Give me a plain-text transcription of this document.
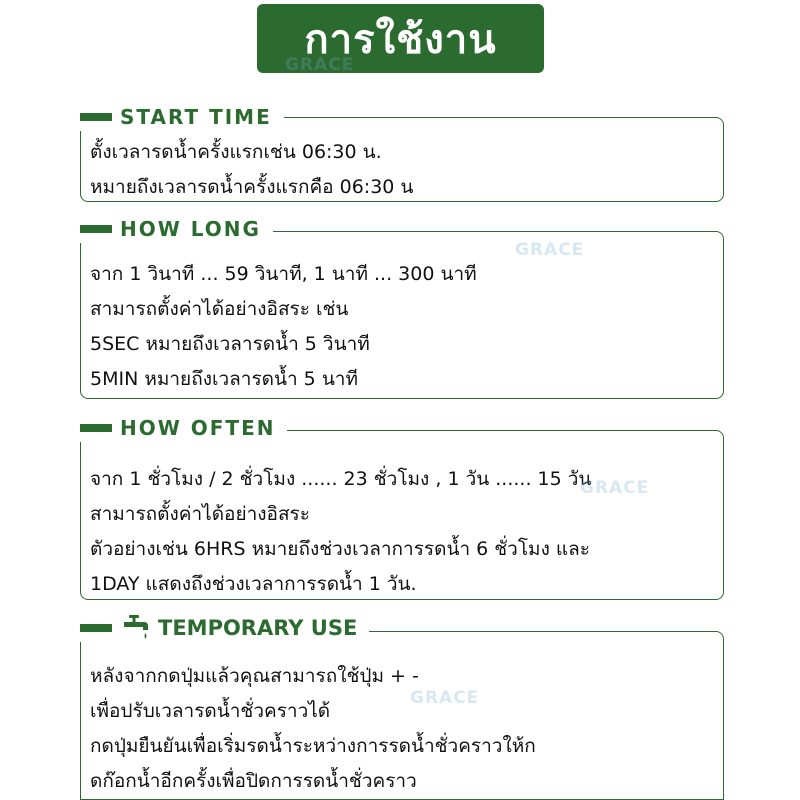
การใช้งาน
START TIME
ตั้งเวลารดน้ำครั้งแรกเช่น 06:30 น.
หมายถึงเวลารดน้ำครั้งแรกคือ 06:30 น
HOW LONG
จาก 1 วินาที ... 59 วินาที, 1 นาที ... 300 นาที
สามารถตั้งค่าได้อย่างอิสระ เช่น
5SEC หมายถึงเวลารดน้ำ 5 วินาที
5MIN หมายถึงเวลารดน้ำ 5 นาที
HOW OFTEN
จาก 1 ชั่วโมง / 2 ชั่วโมง ...... 23 ชั่วโมง , 1 วัน ...... 15 วัน
สามารถตั้งค่าได้อย่างอิสระ
ตัวอย่างเช่น 6HRS หมายถึงช่วงเวลาการรดน้ำ 6 ชั่วโมง และ
1DAY แสดงถึงช่วงเวลาการรดน้ำ 1 วัน.
TEMPORARY USE
หลังจากกดปุ่มแล้วคุณสามารถใช้ปุ่ม + -
เพื่อปรับเวลารดน้ำชั่วคราวได้
กดปุ่มยืนยันเพื่อเริ่มรดน้ำระหว่างการรดน้ำชั่วคราวให้ก
ดก๊อกน้ำอีกครั้งเพื่อปิดการรดน้ำชั่วคราว
GRACE
GRACE
GRACE
GRACE
